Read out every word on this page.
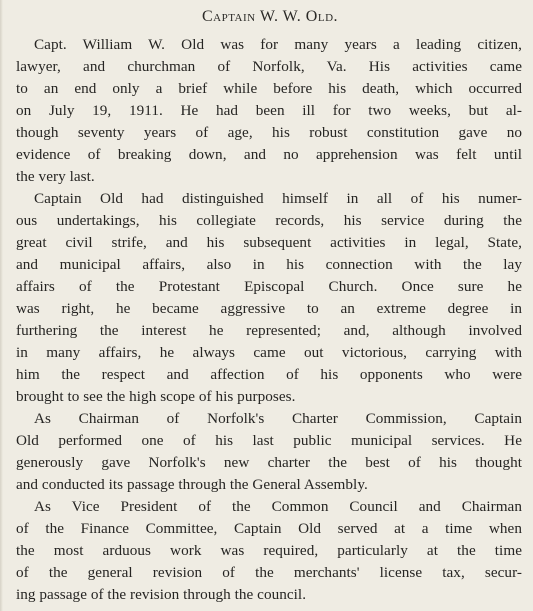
Captain W. W. Old.
Capt. William W. Old was for many years a leading citizen,
lawyer, and churchman of Norfolk, Va. His activities came
to an end only a brief while before his death, which occurred
on July 19, 1911. He had been ill for two weeks, but al-
though seventy years of age, his robust constitution gave no
evidence of breaking down, and no apprehension was felt until
the very last.
Captain Old had distinguished himself in all of his numer-
ous undertakings, his collegiate records, his service during the
great civil strife, and his subsequent activities in legal, State,
and municipal affairs, also in his connection with the lay
affairs of the Protestant Episcopal Church. Once sure he
was right, he became aggressive to an extreme degree in
furthering the interest he represented; and, although involved
in many affairs, he always came out victorious, carrying with
him the respect and affection of his opponents who were
brought to see the high scope of his purposes.
As Chairman of Norfolk's Charter Commission, Captain
Old performed one of his last public municipal services. He
generously gave Norfolk's new charter the best of his thought
and conducted its passage through the General Assembly.
As Vice President of the Common Council and Chairman
of the Finance Committee, Captain Old served at a time when
the most arduous work was required, particularly at the time
of the general revision of the merchants' license tax, secur-
ing passage of the revision through the council.
